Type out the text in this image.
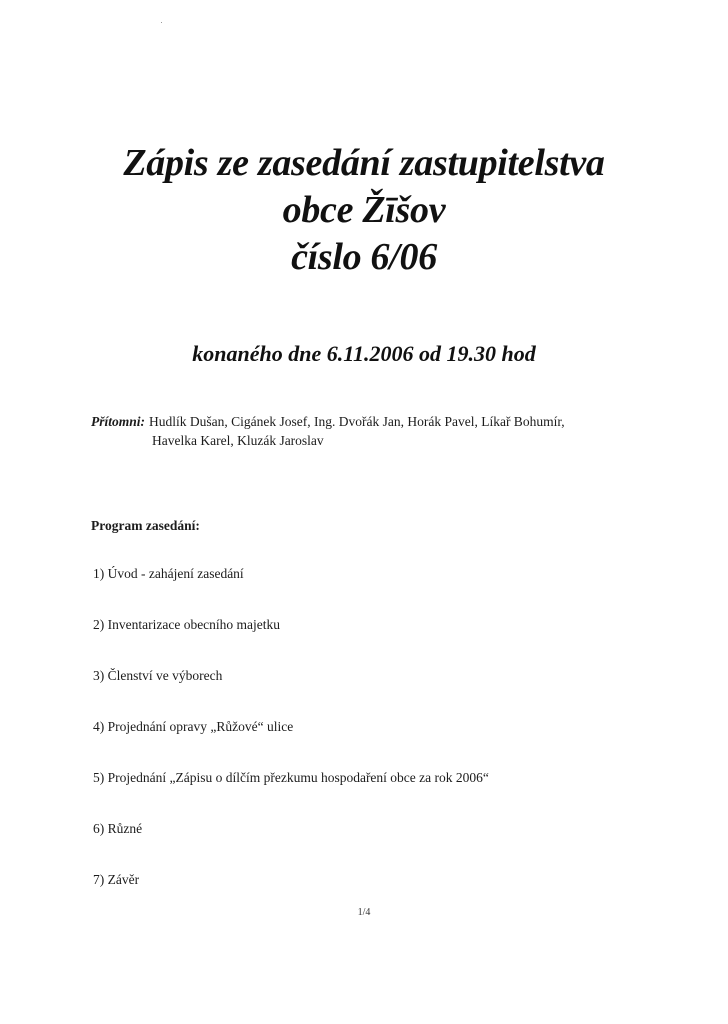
Zápis ze zasedání zastupitelstva
obce Žīšov
číslo 6/06
konaného dne 6.11.2006 od 19.30 hod
Přítomni: Hudlík Dušan, Cigánek Josef, Ing. Dvořák Jan, Horák Pavel, Líkař Bohumír,
Havelka Karel, Kluzák Jaroslav
Program zasedání:
1) Úvod - zahájení zasedání
2) Inventarizace obecního majetku
3) Členství ve výborech
4) Projednání opravy „Růžové“ ulice
5) Projednání „Zápisu o dílčím přezkumu hospodaření obce za rok 2006“
6) Různé
7) Závěr
1/4
